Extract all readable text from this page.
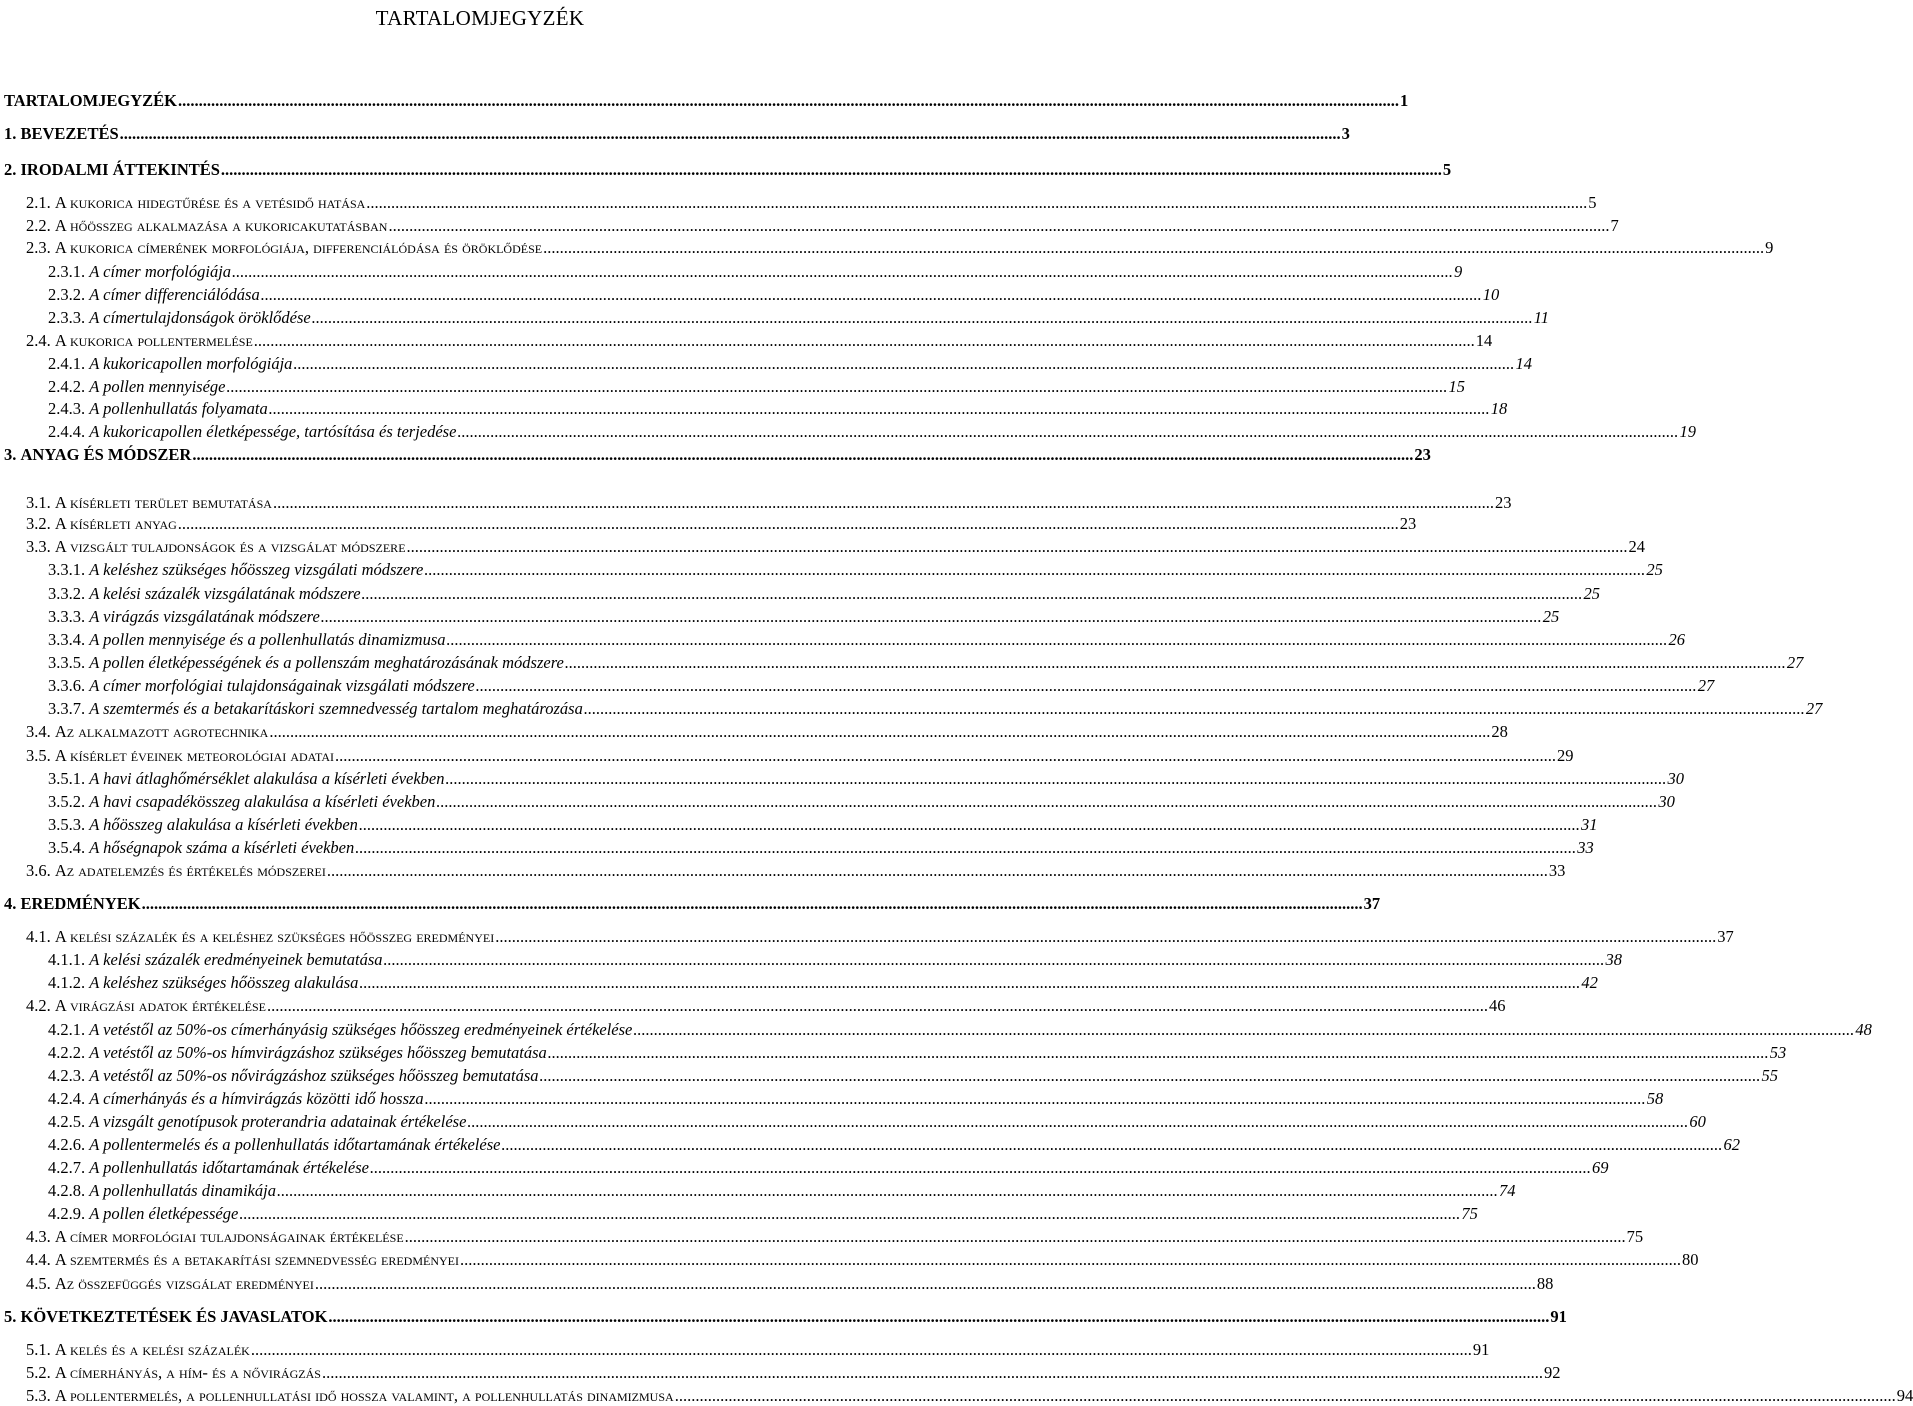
TARTALOMJEGYZÉK
TARTALOMJEGYZÉK .....	1
1. BEVEZETÉS .....	3
2. IRODALMI ÁTTEKINTÉS .....	5
2.1. A kukorica hidegtűrése és a vetésidő hatása .....	5
2.2. A hőösszeg alkalmazása a kukoricakutatásban .....	7
2.3. A kukorica címerének morfológiája, differenciálódása és öröklődése .....	9
2.3.1. A címer morfológiája .....	9
2.3.2. A címer differenciálódása .....	10
2.3.3. A címertulajdonságok öröklődése .....	11
2.4. A kukorica pollentermelése .....	14
2.4.1. A kukoricapollen morfológiája .....	14
2.4.2. A pollen mennyisége .....	15
2.4.3. A pollenhullatás folyamata .....	18
2.4.4. A kukoricapollen életképessége, tartósítása és terjedése .....	19
3. ANYAG ÉS MÓDSZER .....	23
3.1. A kísérleti terület bemutatása .....	23
3.2. A kísérleti anyag .....	23
3.3. A vizsgált tulajdonságok és a vizsgálat módszere .....	24
3.3.1. A keléshez szükséges hőösszeg vizsgálati módszere .....	25
3.3.2. A kelési százalék vizsgálatának módszere .....	25
3.3.3. A virágzás vizsgálatának módszere .....	25
3.3.4. A pollen mennyisége és a pollenhullatás dinamizmusa .....	26
3.3.5. A pollen életképességének és a pollenszám meghatározásának módszere .....	27
3.3.6. A címer morfológiai tulajdonságainak vizsgálati módszere .....	27
3.3.7. A szemtermés és a betakarításkori szemnedvesség tartalom meghatározása .....	27
3.4. Az alkalmazott agrotechnika .....	28
3.5. A kísérlet éveinek meteorológiai adatai .....	29
3.5.1. A havi átlaghőmérséklet alakulása a kísérleti években .....	30
3.5.2. A havi csapadékösszeg alakulása a kísérleti években .....	30
3.5.3. A hőösszeg alakulása a kísérleti években .....	31
3.5.4. A hőségnapok száma a kísérleti években .....	33
3.6. Az adatelemzés és értékelés módszerei .....	33
4. EREDMÉNYEK .....	37
4.1. A kelési százalék és a keléshez szükséges hőösszeg eredményei .....	37
4.1.1. A kelési százalék eredményeinek bemutatása .....	38
4.1.2. A keléshez szükséges hőösszeg alakulása .....	42
4.2. A virágzási adatok értékelése .....	46
4.2.1. A vetéstől az 50%-os címerhányásig szükséges hőösszeg eredményeinek értékelése .....	48
4.2.2. A vetéstől az 50%-os hímvirágzáshoz szükséges hőösszeg bemutatása .....	53
4.2.3. A vetéstől az 50%-os nővirágzáshoz szükséges hőösszeg bemutatása .....	55
4.2.4. A címerhányás és a hímvirágzás közötti idő hossza .....	58
4.2.5. A vizsgált genotípusok proterandria adatainak értékelése .....	60
4.2.6. A pollentermelés és a pollenhullatás időtartamának értékelése .....	62
4.2.7. A pollenhullatás időtartamának értékelése .....	69
4.2.8. A pollenhullatás dinamikája .....	74
4.2.9. A pollen életképessége .....	75
4.3. A címer morfológiai tulajdonságainak értékelése .....	75
4.4. A szemtermés és a betakarítási szemnedvesség eredményei .....	80
4.5. Az összefüggés vizsgálat eredményei .....	88
5. KÖVETKEZTETÉSEK ÉS JAVASLATOK .....	91
5.1. A kelés és a kelési százalék .....	91
5.2. A címerhányás, a hím- és a nővirágzás .....	92
5.3. A pollentermelés, a pollenhullatási idő hossza valamint, a pollenhullatás dinamizmusa .....	94
